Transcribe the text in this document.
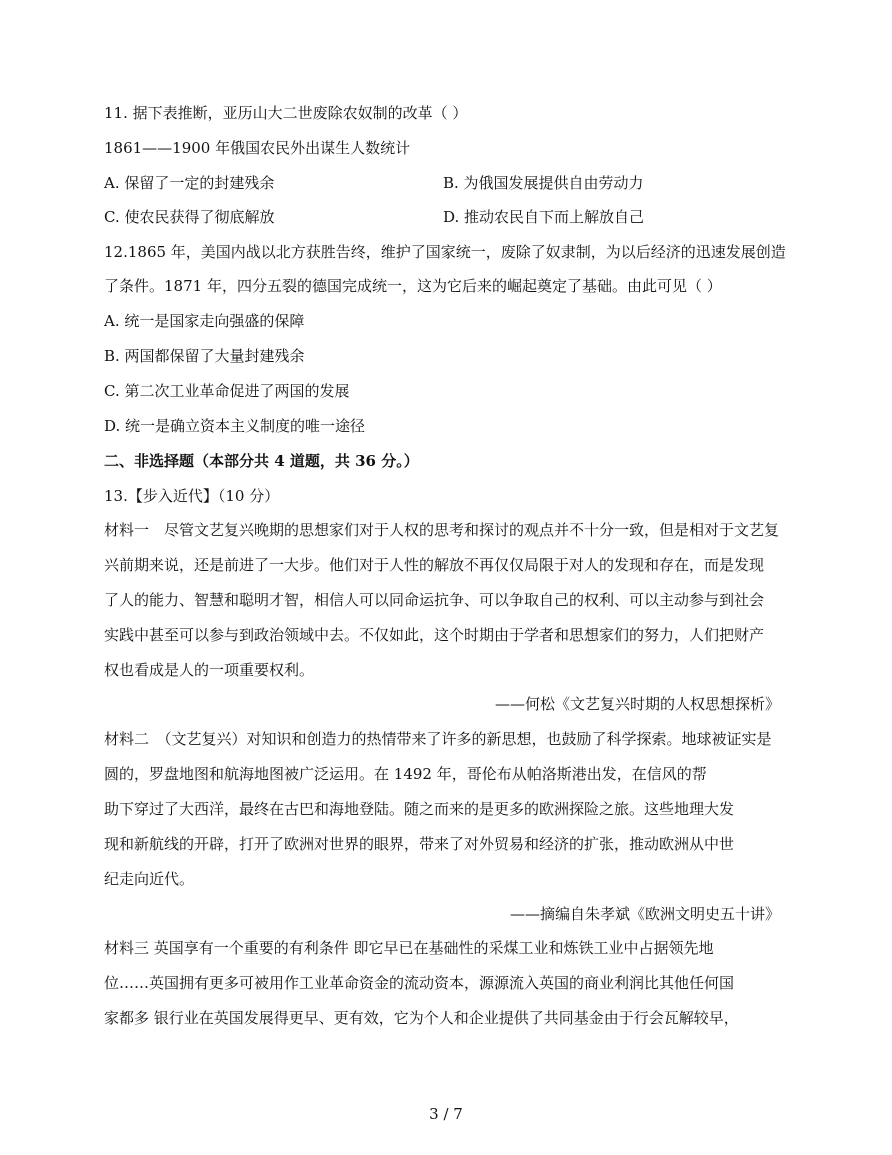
11. 据下表推断，亚历山大二世废除农奴制的改革（ ）
1861——1900 年俄国农民外出谋生人数统计
A. 保留了一定的封建残余	B. 为俄国发展提供自由劳动力
C. 使农民获得了彻底解放	D. 推动农民自下而上解放自己
12.1865 年，美国内战以北方获胜告终，维护了国家统一，废除了奴隶制，为以后经济的迅速发展创造
了条件。1871 年，四分五裂的德国完成统一，这为它后来的崛起奠定了基础。由此可见（ ）
A. 统一是国家走向强盛的保障
B. 两国都保留了大量封建残余
C. 第二次工业革命促进了两国的发展
D. 统一是确立资本主义制度的唯一途径
二、非选择题（本部分共 4 道题，共 36 分。）
13.【步入近代】（10 分）
材料一　尽管文艺复兴晚期的思想家们对于人权的思考和探讨的观点并不十分一致，但是相对于文艺复
兴前期来说，还是前进了一大步。他们对于人性的解放不再仅仅局限于对人的发现和存在，而是发现
了人的能力、智慧和聪明才智，相信人可以同命运抗争、可以争取自己的权利、可以主动参与到社会
实践中甚至可以参与到政治领域中去。不仅如此，这个时期由于学者和思想家们的努力，人们把财产
权也看成是人的一项重要权利。
——何松《文艺复兴时期的人权思想探析》
材料二　（文艺复兴）对知识和创造力的热情带来了许多的新思想，也鼓励了科学探索。地球被证实是
圆的，罗盘地图和航海地图被广泛运用。在 1492 年，哥伦布从帕洛斯港出发，在信风的帮
助下穿过了大西洋，最终在古巴和海地登陆。随之而来的是更多的欧洲探险之旅。这些地理大发
现和新航线的开辟，打开了欧洲对世界的眼界，带来了对外贸易和经济的扩张，推动欧洲从中世
纪走向近代。
——摘编自朱孝斌《欧洲文明史五十讲》
材料三 英国享有一个重要的有利条件 即它早已在基础性的采煤工业和炼铁工业中占据领先地
位……英国拥有更多可被用作工业革命资金的流动资本，源源流入英国的商业利润比其他任何国
家都多 银行业在英国发展得更早、更有效，它为个人和企业提供了共同基金由于行会瓦解较早，
3 / 7
